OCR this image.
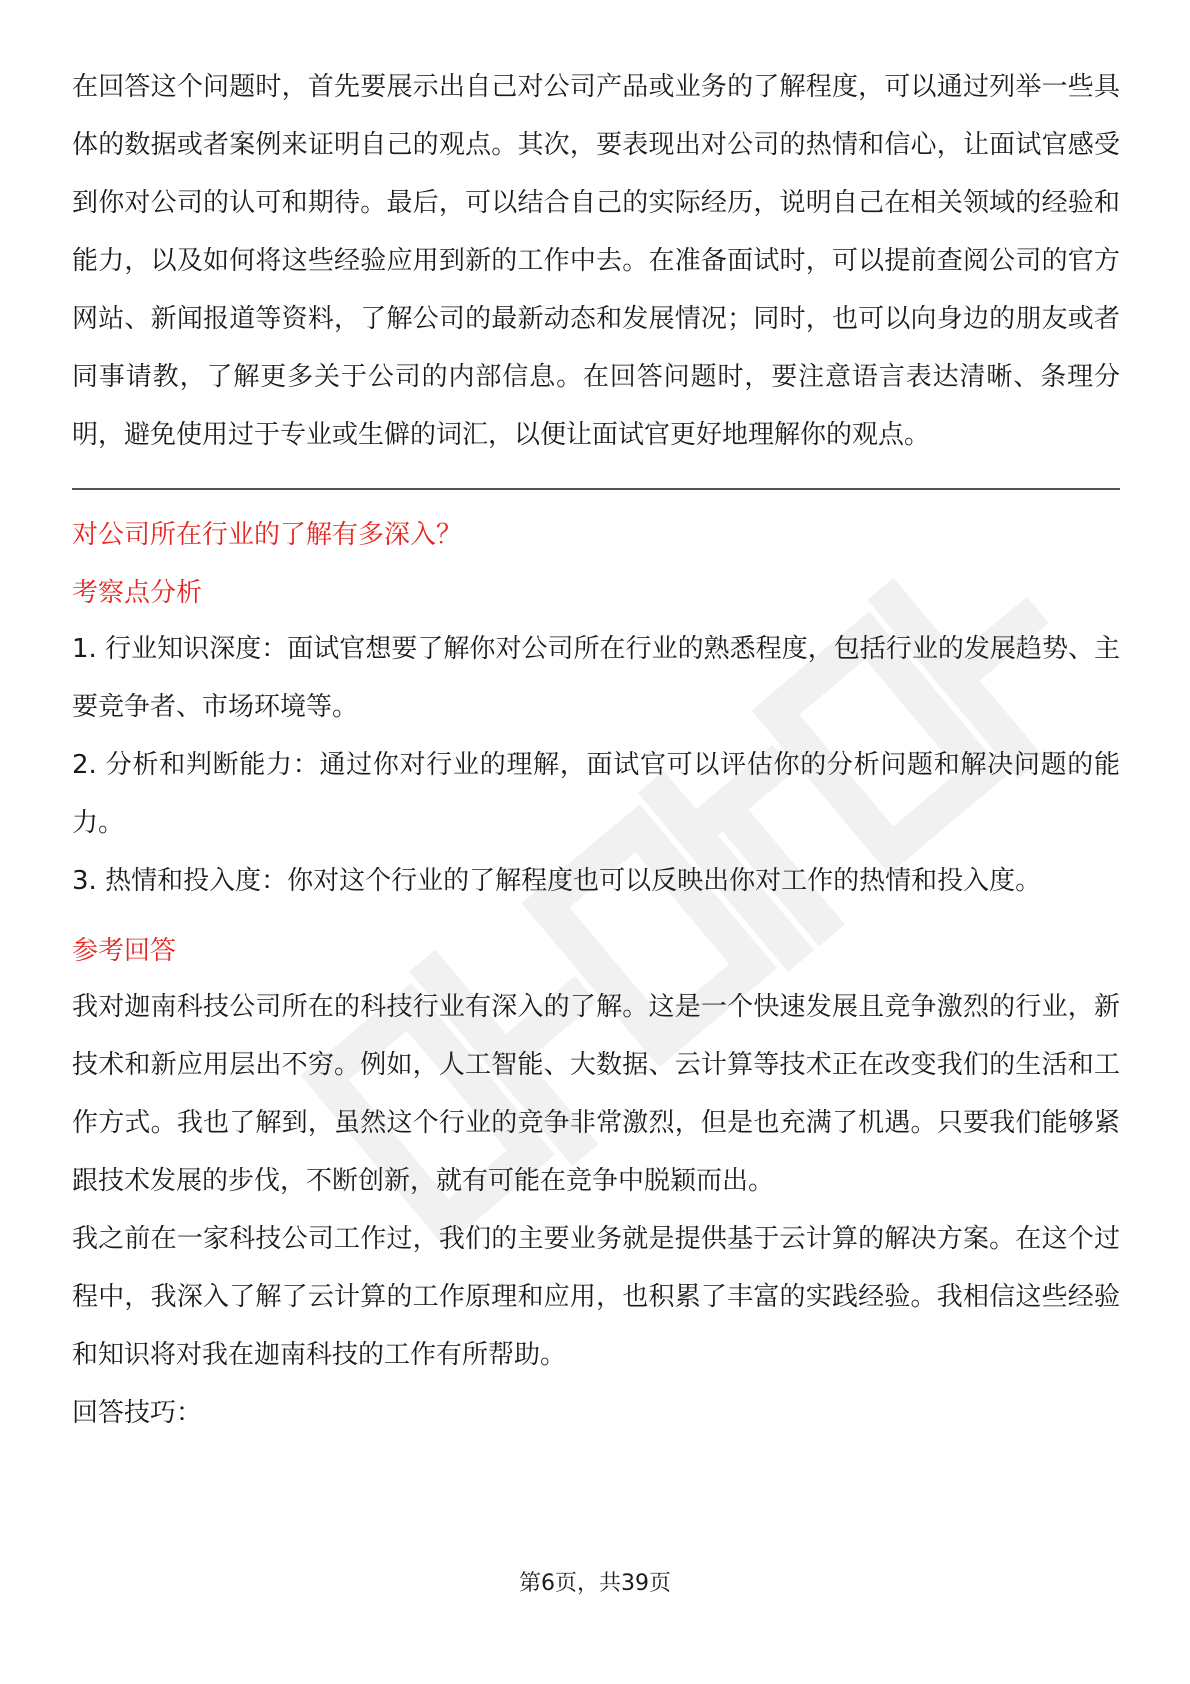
在回答这个问题时，首先要展示出自己对公司产品或业务的了解程度，可以通过列举一些具体的数据或者案例来证明自己的观点。其次，要表现出对公司的热情和信心，让面试官感受到你对公司的认可和期待。最后，可以结合自己的实际经历，说明自己在相关领域的经验和能力，以及如何将这些经验应用到新的工作中去。在准备面试时，可以提前查阅公司的官方网站、新闻报道等资料，了解公司的最新动态和发展情况；同时，也可以向身边的朋友或者同事请教，了解更多关于公司的内部信息。在回答问题时，要注意语言表达清晰、条理分明，避免使用过于专业或生僻的词汇，以便让面试官更好地理解你的观点。

对公司所在行业的了解有多深入？
考察点分析

1. 行业知识深度：面试官想要了解你对公司所在行业的熟悉程度，包括行业的发展趋势、主要竞争者、市场环境等。

2. 分析和判断能力：通过你对行业的理解，面试官可以评估你的分析问题和解决问题的能力。

3. 热情和投入度：你对这个行业的了解程度也可以反映出你对工作的热情和投入度。

参考回答

我对迦南科技公司所在的科技行业有深入的了解。这是一个快速发展且竞争激烈的行业，新技术和新应用层出不穷。例如，人工智能、大数据、云计算等技术正在改变我们的生活和工作方式。我也了解到，虽然这个行业的竞争非常激烈，但是也充满了机遇。只要我们能够紧跟技术发展的步伐，不断创新，就有可能在竞争中脱颖而出。

我之前在一家科技公司工作过，我们的主要业务就是提供基于云计算的解决方案。在这个过程中，我深入了解了云计算的工作原理和应用，也积累了丰富的实践经验。我相信这些经验和知识将对我在迦南科技的工作有所帮助。

回答技巧：

第6页，共39页
